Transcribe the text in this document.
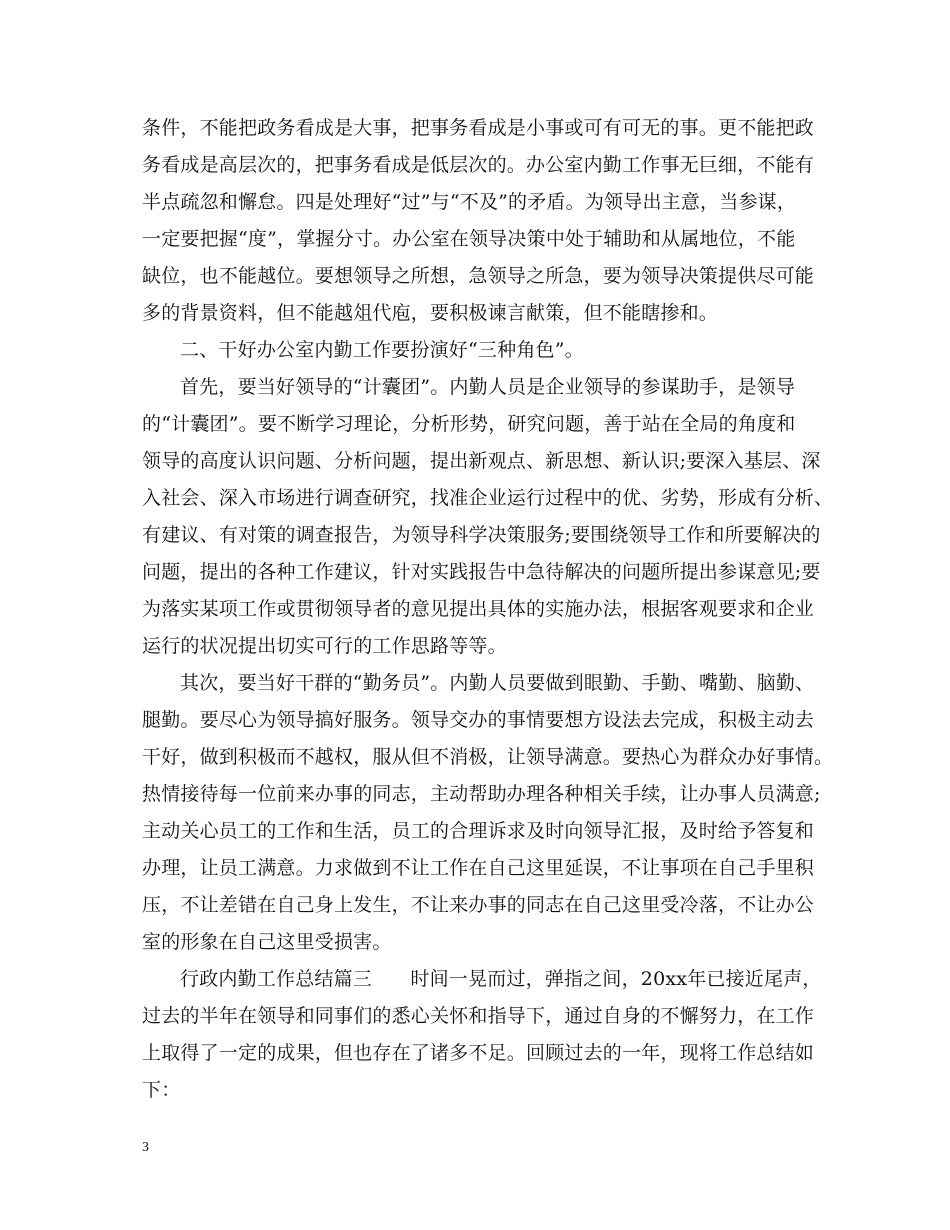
条件，不能把政务看成是大事，把事务看成是小事或可有可无的事。更不能把政
务看成是高层次的，把事务看成是低层次的。办公室内勤工作事无巨细，不能有
半点疏忽和懈怠。四是处理好“过”与“不及”的矛盾。为领导出主意，当参谋，
一定要把握“度”，掌握分寸。办公室在领导决策中处于辅助和从属地位，不能
缺位，也不能越位。要想领导之所想，急领导之所急，要为领导决策提供尽可能
多的背景资料，但不能越俎代庖，要积极谏言献策，但不能瞎掺和。
二、干好办公室内勤工作要扮演好“三种角色”。
首先，要当好领导的“计囊团”。内勤人员是企业领导的参谋助手，是领导
的“计囊团”。要不断学习理论，分析形势，研究问题，善于站在全局的角度和
领导的高度认识问题、分析问题，提出新观点、新思想、新认识;要深入基层、深
入社会、深入市场进行调查研究，找准企业运行过程中的优、劣势，形成有分析、
有建议、有对策的调查报告，为领导科学决策服务;要围绕领导工作和所要解决的
问题，提出的各种工作建议，针对实践报告中急待解决的问题所提出参谋意见;要
为落实某项工作或贯彻领导者的意见提出具体的实施办法，根据客观要求和企业
运行的状况提出切实可行的工作思路等等。
其次，要当好干群的“勤务员”。内勤人员要做到眼勤、手勤、嘴勤、脑勤、
腿勤。要尽心为领导搞好服务。领导交办的事情要想方设法去完成，积极主动去
干好，做到积极而不越权，服从但不消极，让领导满意。要热心为群众办好事情。
热情接待每一位前来办事的同志，主动帮助办理各种相关手续，让办事人员满意;
主动关心员工的工作和生活，员工的合理诉求及时向领导汇报，及时给予答复和
办理，让员工满意。力求做到不让工作在自己这里延误，不让事项在自己手里积
压，不让差错在自己身上发生，不让来办事的同志在自己这里受冷落，不让办公
室的形象在自己这里受损害。
行政内勤工作总结篇三　　时间一晃而过，弹指之间，20xx年已接近尾声，
过去的半年在领导和同事们的悉心关怀和指导下，通过自身的不懈努力，在工作
上取得了一定的成果，但也存在了诸多不足。回顾过去的一年，现将工作总结如
下：
3
